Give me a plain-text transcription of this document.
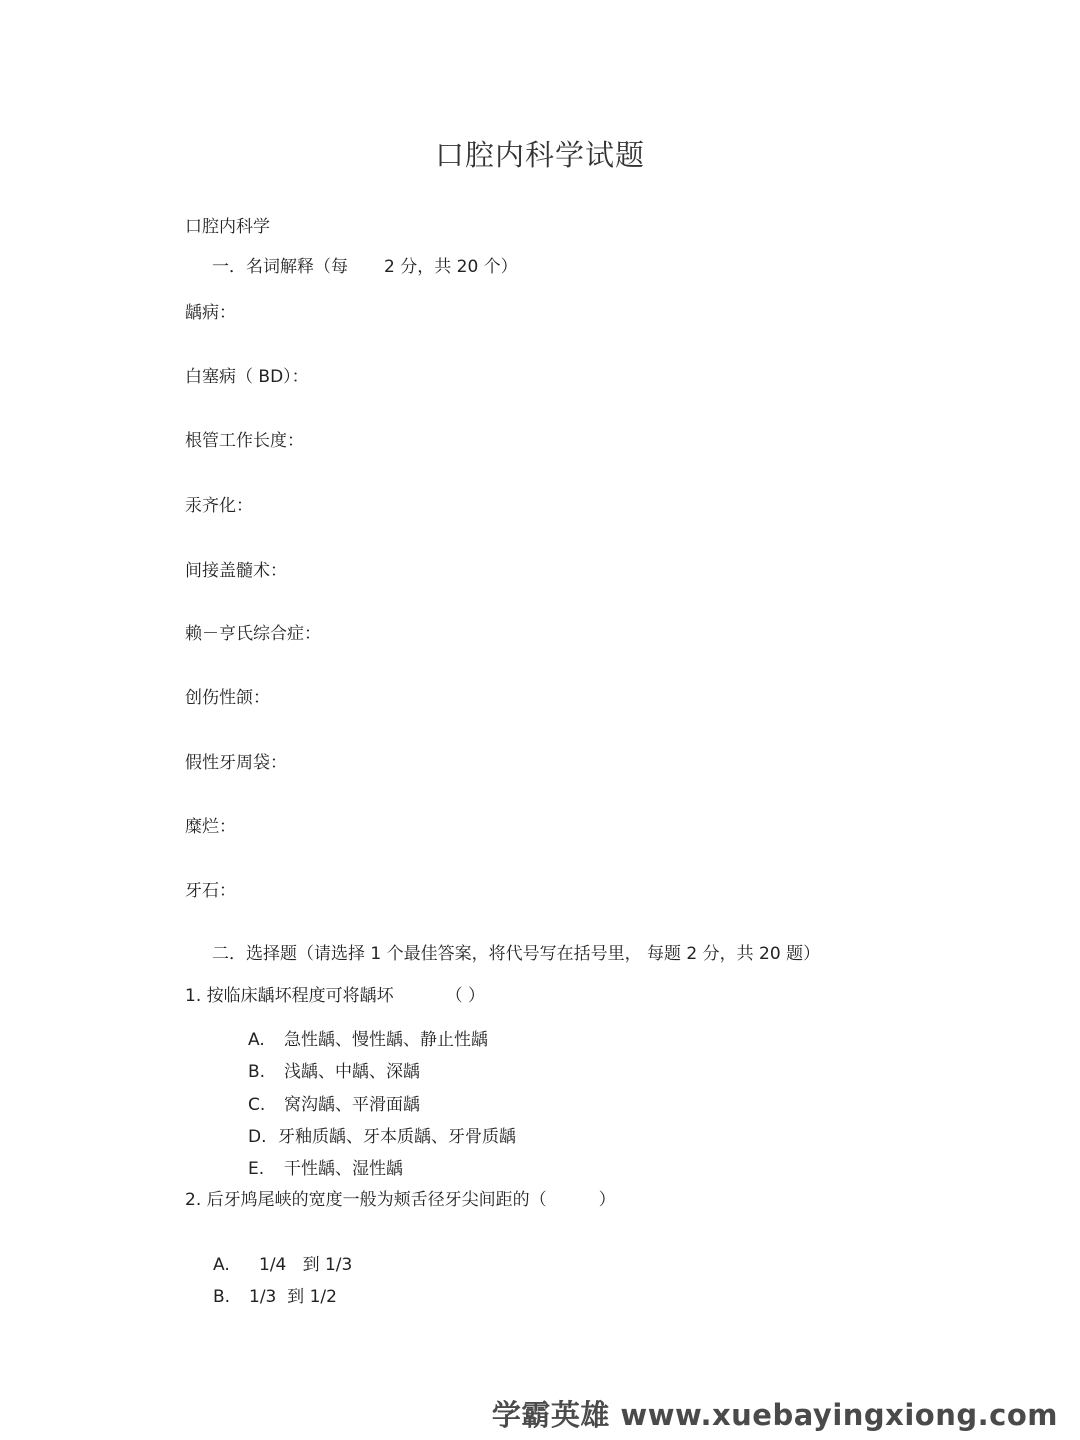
口腔内科学试题
口腔内科学
一．名词解释（每 2 分，共 20 个）
龋病：
白塞病（ BD）：
根管工作长度：
汞齐化：
间接盖髓术：
赖－亨氏综合症：
创伤性颌：
假性牙周袋：
糜烂：
牙石：
二．选择题（请选择 1 个最佳答案，将代号写在括号里， 每题 2 分，共 20 题）
1. 按临床龋坏程度可将龋坏	（ ）
A. 急性龋、慢性龋、静止性龋
B. 浅龋、中龋、深龋
C. 窝沟龋、平滑面龋
D. 牙釉质龋、牙本质龋、牙骨质龋
E. 干性龋、湿性龋
2. 后牙鸠尾峡的宽度一般为颊舌径牙尖间距的（	）
A. 1/4   到 1/3
B. 1/3  到 1/2
学霸英雄 www.xuebayingxiong.com
